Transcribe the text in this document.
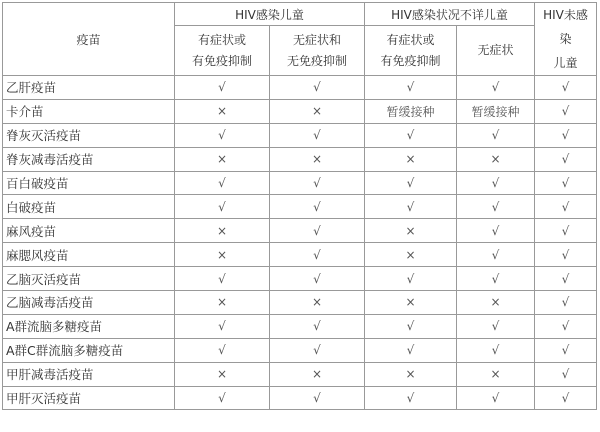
疫苗	HIV感染儿童		HIV感染状况不详儿童		HIV未感
染
儿童

	有症状或
有免疫抑制	无症状和
无免疫抑制	有症状或
有免疫抑制	无症状	
乙肝疫苗	√	√	√	√	√
卡介苗	×	×	暂缓接种	暂缓接种	√
脊灰灭活疫苗	√	√	√	√	√
脊灰减毒活疫苗	×	×	×	×	√
百白破疫苗	√	√	√	√	√
白破疫苗	√	√	√	√	√
麻风疫苗	×	√	×	√	√
麻腮风疫苗	×	√	×	√	√
乙脑灭活疫苗	√	√	√	√	√
乙脑减毒活疫苗	×	×	×	×	√
A群流脑多糖疫苗	√	√	√	√	√
A群C群流脑多糖疫苗	√	√	√	√	√
甲肝减毒活疫苗	×	×	×	×	√
甲肝灭活疫苗	√	√	√	√	√
